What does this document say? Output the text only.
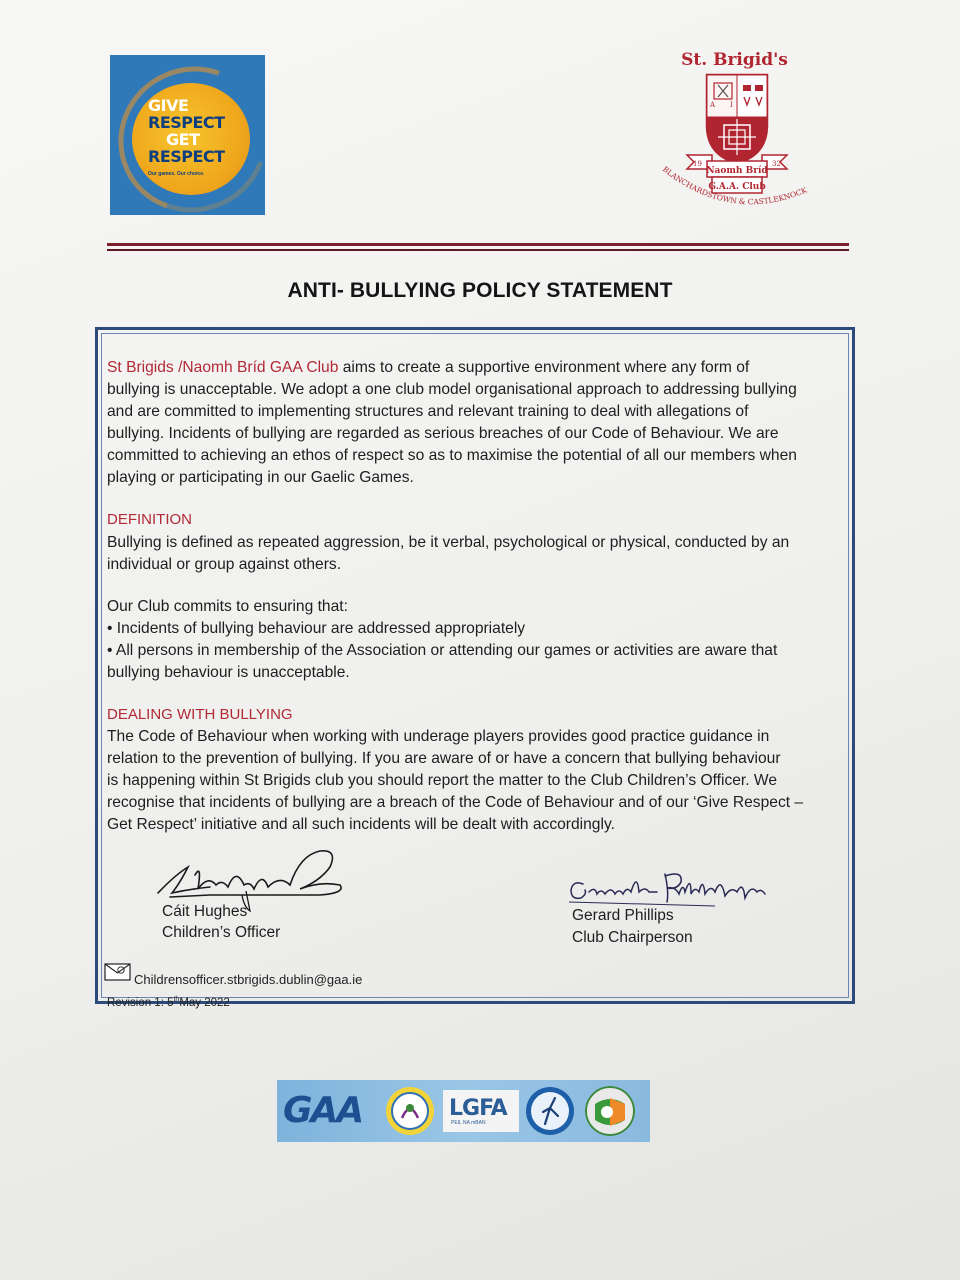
GIVE
RESPECT
GET
RESPECT
Our games. Our choice.
St. Brigid's
A I
19	32
Naomh Bríd
G.A.A. Club
BLANCHARDSTOWN & CASTLEKNOCK
ANTI- BULLYING POLICY STATEMENT
St Brigids /Naomh Bríd GAA Club aims to create a supportive environment where any form of
bullying is unacceptable. We adopt a one club model organisational approach to addressing bullying
and are committed to implementing structures and relevant training to deal with allegations of
bullying. Incidents of bullying are regarded as serious breaches of our Code of Behaviour. We are
committed to achieving an ethos of respect so as to maximise the potential of all our members when
playing or participating in our Gaelic Games.
DEFINITION
Bullying is defined as repeated aggression, be it verbal, psychological or physical, conducted by an
individual or group against others.
Our Club commits to ensuring that:
• Incidents of bullying behaviour are addressed appropriately
• All persons in membership of the Association or attending our games or activities are aware that
bullying behaviour is unacceptable.
DEALING WITH BULLYING
The Code of Behaviour when working with underage players provides good practice guidance in
relation to the prevention of bullying. If you are aware of or have a concern that bullying behaviour
is happening within St Brigids club you should report the matter to the Club Children’s Officer. We
recognise that incidents of bullying are a breach of the Code of Behaviour and of our ‘Give Respect –
Get Respect’ initiative and all such incidents will be dealt with accordingly.
Cáit Hughes
Children’s Officer
Gerard Phillips
Club Chairperson
Childrensofficer.stbrigids.dublin@gaa.ie
Revision 1: 5thMay 2022
GAA	LGFA
PEIL NA mBAN
